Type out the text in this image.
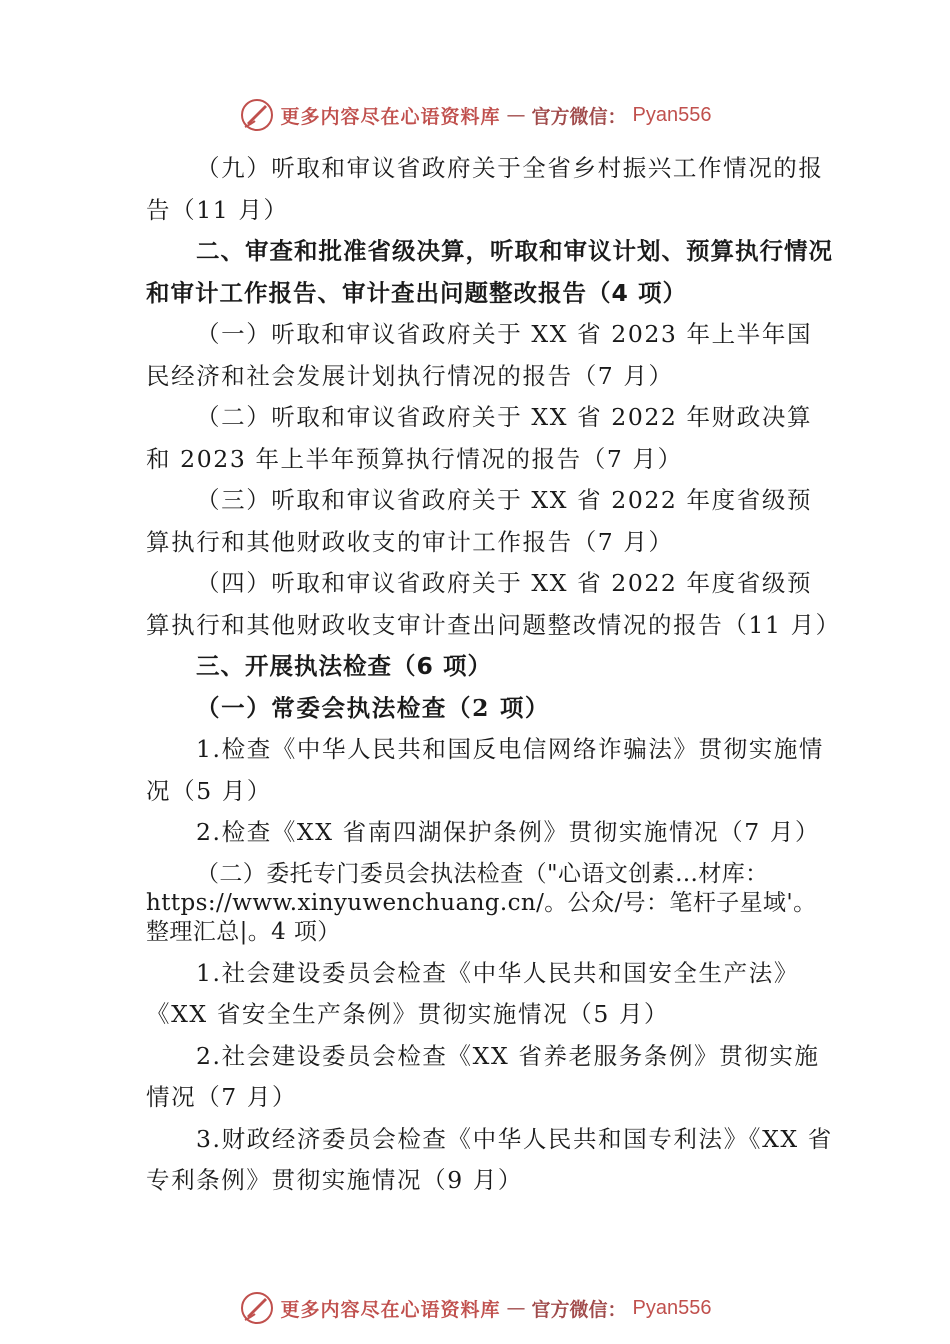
更多内容尽在心语资料库 — 官方微信： Pyan556

（九）听取和审议省政府关于全省乡村振兴工作情况的报告（11 月）

二、审查和批准省级决算，听取和审议计划、预算执行情况和审计工作报告、审计查出问题整改报告（4 项）

（一）听取和审议省政府关于 XX 省 2023 年上半年国民经济和社会发展计划执行情况的报告（7 月）

（二）听取和审议省政府关于 XX 省 2022 年财政决算和 2023 年上半年预算执行情况的报告（7 月）

（三）听取和审议省政府关于 XX 省 2022 年度省级预算执行和其他财政收支的审计工作报告（7 月）

（四）听取和审议省政府关于 XX 省 2022 年度省级预算执行和其他财政收支审计查出问题整改情况的报告（11 月）

三、开展执法检查（6 项）

（一）常委会执法检查（2 项）

1.检查《中华人民共和国反电信网络诈骗法》贯彻实施情况（5 月）

2.检查《XX 省南四湖保护条例》贯彻实施情况（7 月）

（二）委托专门委员会执法检查（"心语文创素…材库：https://www.xinyuwenchuang.cn/。公众/号：笔杆子星域'。整理汇总|。4 项）

1.社会建设委员会检查《中华人民共和国安全生产法》《XX 省安全生产条例》贯彻实施情况（5 月）

2.社会建设委员会检查《XX 省养老服务条例》贯彻实施情况（7 月）

3.财政经济委员会检查《中华人民共和国专利法》《XX 省专利条例》贯彻实施情况（9 月）

更多内容尽在心语资料库 — 官方微信： Pyan556
